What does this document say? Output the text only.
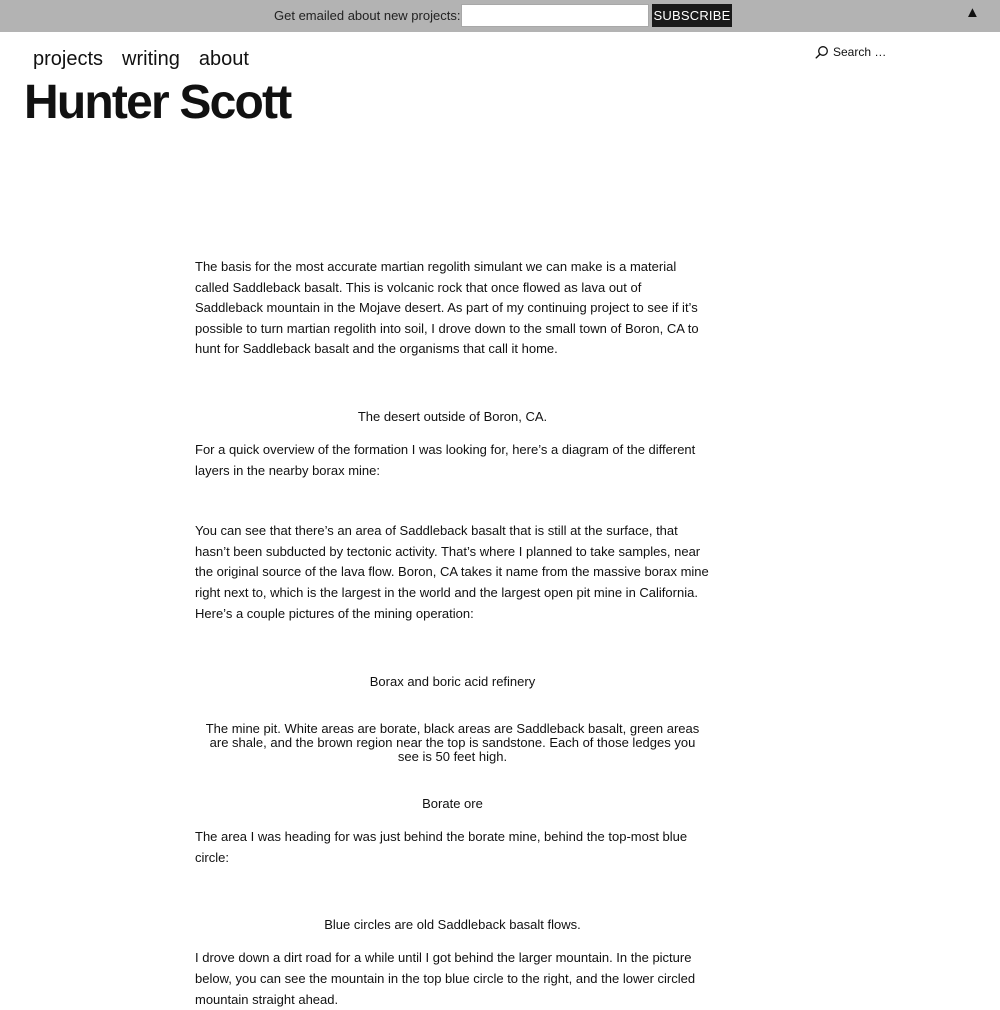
Get emailed about new projects:	SUBSCRIBE	▲
projects writing about
Search …
Hunter Scott

The basis for the most accurate martian regolith simulant we can make is a material called Saddleback basalt. This is volcanic rock that once flowed as lava out of Saddleback mountain in the Mojave desert. As part of my continuing project to see if it’s possible to turn martian regolith into soil, I drove down to the small town of Boron, CA to hunt for Saddleback basalt and the organisms that call it home.

The desert outside of Boron, CA.

For a quick overview of the formation I was looking for, here’s a diagram of the different layers in the nearby borax mine:

You can see that there’s an area of Saddleback basalt that is still at the surface, that hasn’t been subducted by tectonic activity. That’s where I planned to take samples, near the original source of the lava flow. Boron, CA takes it name from the massive borax mine right next to, which is the largest in the world and the largest open pit mine in California. Here’s a couple pictures of the mining operation:

Borax and boric acid refinery

The mine pit. White areas are borate, black areas are Saddleback basalt, green areas are shale, and the brown region near the top is sandstone. Each of those ledges you see is 50 feet high.

Borate ore

The area I was heading for was just behind the borate mine, behind the top-most blue circle:

Blue circles are old Saddleback basalt flows.

I drove down a dirt road for a while until I got behind the larger mountain. In the picture below, you can see the mountain in the top blue circle to the right, and the lower circled mountain straight ahead.
